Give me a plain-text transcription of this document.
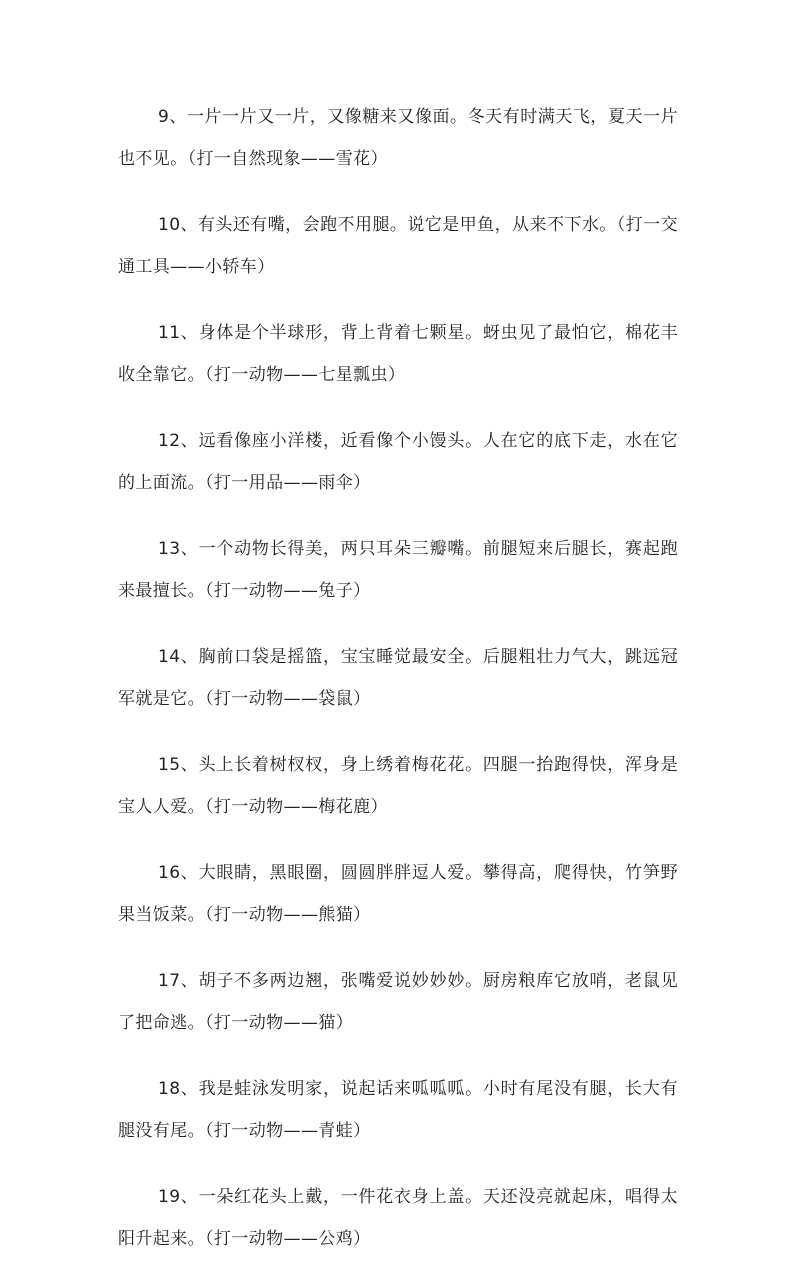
9、一片一片又一片，又像糖来又像面。冬天有时满天飞，夏天一片也不见。（打一自然现象——雪花）

10、有头还有嘴，会跑不用腿。说它是甲鱼，从来不下水。（打一交通工具——小轿车）

11、身体是个半球形，背上背着七颗星。蚜虫见了最怕它，棉花丰收全靠它。（打一动物——七星瓢虫）

12、远看像座小洋楼，近看像个小馒头。人在它的底下走，水在它的上面流。（打一用品——雨伞）

13、一个动物长得美，两只耳朵三瓣嘴。前腿短来后腿长，赛起跑来最擅长。（打一动物——兔子）

14、胸前口袋是摇篮，宝宝睡觉最安全。后腿粗壮力气大，跳远冠军就是它。（打一动物——袋鼠）

15、头上长着树杈杈，身上绣着梅花花。四腿一抬跑得快，浑身是宝人人爱。（打一动物——梅花鹿）

16、大眼睛，黑眼圈，圆圆胖胖逗人爱。攀得高，爬得快，竹笋野果当饭菜。（打一动物——熊猫）

17、胡子不多两边翘，张嘴爱说妙妙妙。厨房粮库它放哨，老鼠见了把命逃。（打一动物——猫）

18、我是蛙泳发明家，说起话来呱呱呱。小时有尾没有腿，长大有腿没有尾。（打一动物——青蛙）

19、一朵红花头上戴，一件花衣身上盖。天还没亮就起床，唱得太阳升起来。（打一动物——公鸡）
